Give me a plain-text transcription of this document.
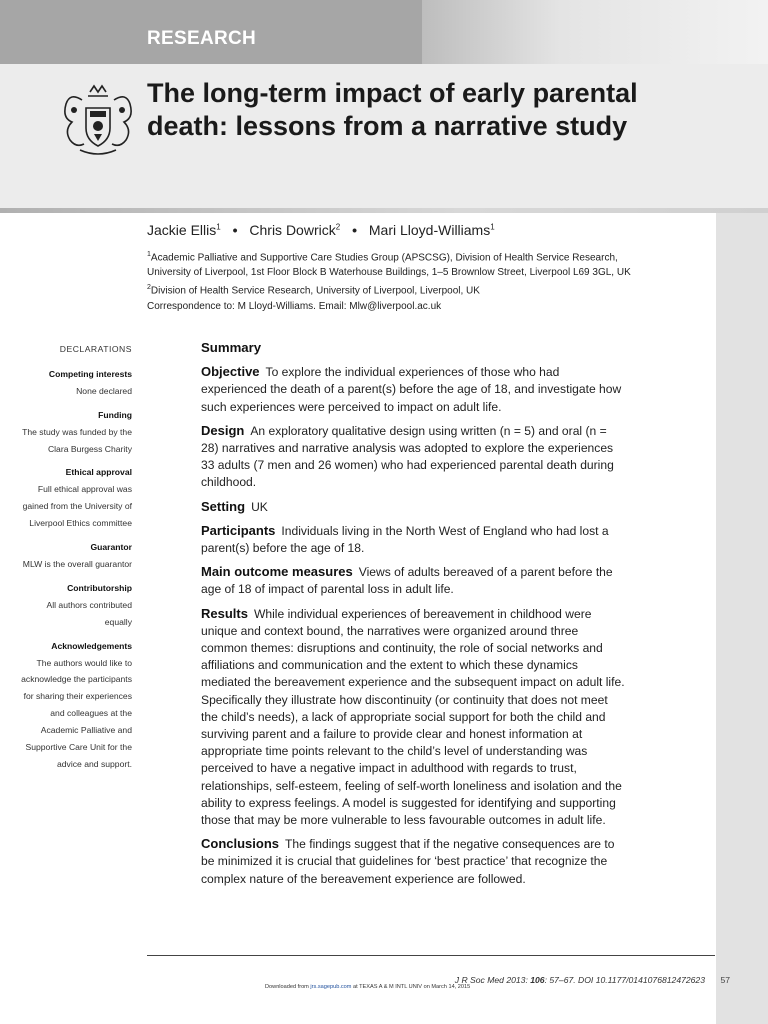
RESEARCH
The long-term impact of early parental death: lessons from a narrative study
Jackie Ellis$^1$ • Chris Dowrick$^2$ • Mari Lloyd-Williams$^1$

$^1$Academic Palliative and Supportive Care Studies Group (APSCSG), Division of Health Service Research,

University of Liverpool, 1st Floor Block B Waterhouse Buildings, 1–5 Brownlow Street, Liverpool L69 3GL, UK

$^2$Division of Health Service Research, University of Liverpool, Liverpool, UK

Correspondence to: M Lloyd-Williams. Email: Mlw@liverpool.ac.uk

DECLARATIONS
Competing interests
None declared
Funding
The study was funded by the Clara Burgess Charity
Ethical approval
Full ethical approval was gained from the University of Liverpool Ethics committee
Guarantor
MLW is the overall guarantor
Contributorship
All authors contributed equally
Acknowledgements
The authors would like to acknowledge the participants for sharing their experiences and colleagues at the Academic Palliative and Supportive Care Unit for the advice and support.
Summary

Objective To explore the individual experiences of those who had experienced the death of a parent(s) before the age of 18, and investigate how such experiences were perceived to impact on adult life.

Design An exploratory qualitative design using written (n = 5) and oral (n = 28) narratives and narrative analysis was adopted to explore the experiences 33 adults (7 men and 26 women) who had experienced parental death during childhood.

Setting UK

Participants Individuals living in the North West of England who had lost a parent(s) before the age of 18.

Main outcome measures Views of adults bereaved of a parent before the age of 18 of impact of parental loss in adult life.

Results While individual experiences of bereavement in childhood were unique and context bound, the narratives were organized around three common themes: disruptions and continuity, the role of social networks and affiliations and communication and the extent to which these dynamics mediated the bereavement experience and the subsequent impact on adult life. Specifically they illustrate how discontinuity (or continuity that does not meet the child’s needs), a lack of appropriate social support for both the child and surviving parent and a failure to provide clear and honest information at appropriate time points relevant to the child’s level of understanding was perceived to have a negative impact in adulthood with regards to trust, relationships, self-esteem, feeling of self-worth loneliness and isolation and the ability to express feelings. A model is suggested for identifying and supporting those that may be more vulnerable to less favourable outcomes in adult life.

Conclusions The findings suggest that if the negative consequences are to be minimized it is crucial that guidelines for ‘best practice’ that recognize the complex nature of the bereavement experience are followed.

J R Soc Med 2013: 106: 57–67. DOI 10.1177/0141076812472623	57
Downloaded from jrs.sagepub.com at TEXAS A & M INTL UNIV on March 14, 2015
